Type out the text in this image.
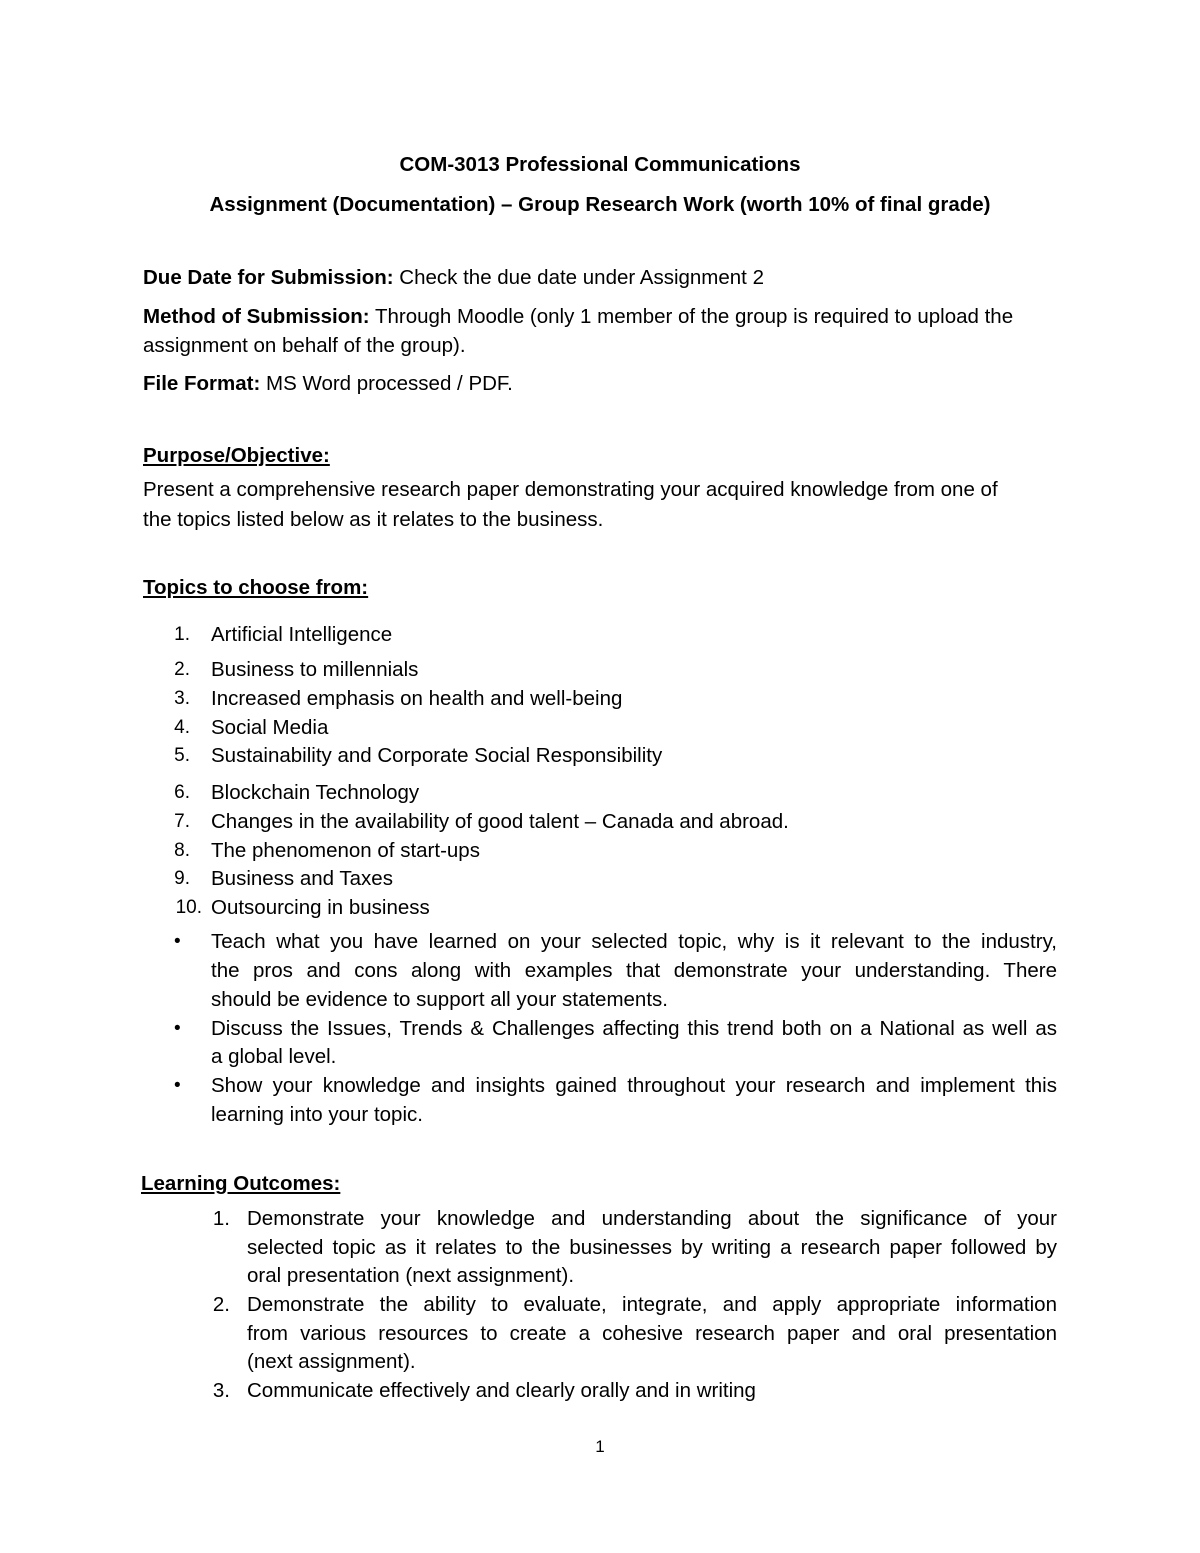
COM-3013 Professional Communications
Assignment (Documentation) – Group Research Work (worth 10% of final grade)
Due Date for Submission: Check the due date under Assignment 2
Method of Submission: Through Moodle (only 1 member of the group is required to upload the
assignment on behalf of the group).
File Format: MS Word processed / PDF.
Purpose/Objective:
Present a comprehensive research paper demonstrating your acquired knowledge from one of
the topics listed below as it relates to the business.
Topics to choose from:
1. Artificial Intelligence
2. Business to millennials
3. Increased emphasis on health and well-being
4. Social Media
5. Sustainability and Corporate Social Responsibility
6. Blockchain Technology
7. Changes in the availability of good talent – Canada and abroad.
8. The phenomenon of start-ups
9. Business and Taxes
10. Outsourcing in business
• Teach what you have learned on your selected topic, why is it relevant to the industry,
the pros and cons along with examples that demonstrate your understanding. There
should be evidence to support all your statements.
• Discuss the Issues, Trends & Challenges affecting this trend both on a National as well as
a global level.
• Show your knowledge and insights gained throughout your research and implement this
learning into your topic.
Learning Outcomes:
1. Demonstrate your knowledge and understanding about the significance of your
selected topic as it relates to the businesses by writing a research paper followed by
oral presentation (next assignment).
2. Demonstrate the ability to evaluate, integrate, and apply appropriate information
from various resources to create a cohesive research paper and oral presentation
(next assignment).
3. Communicate effectively and clearly orally and in writing
1
